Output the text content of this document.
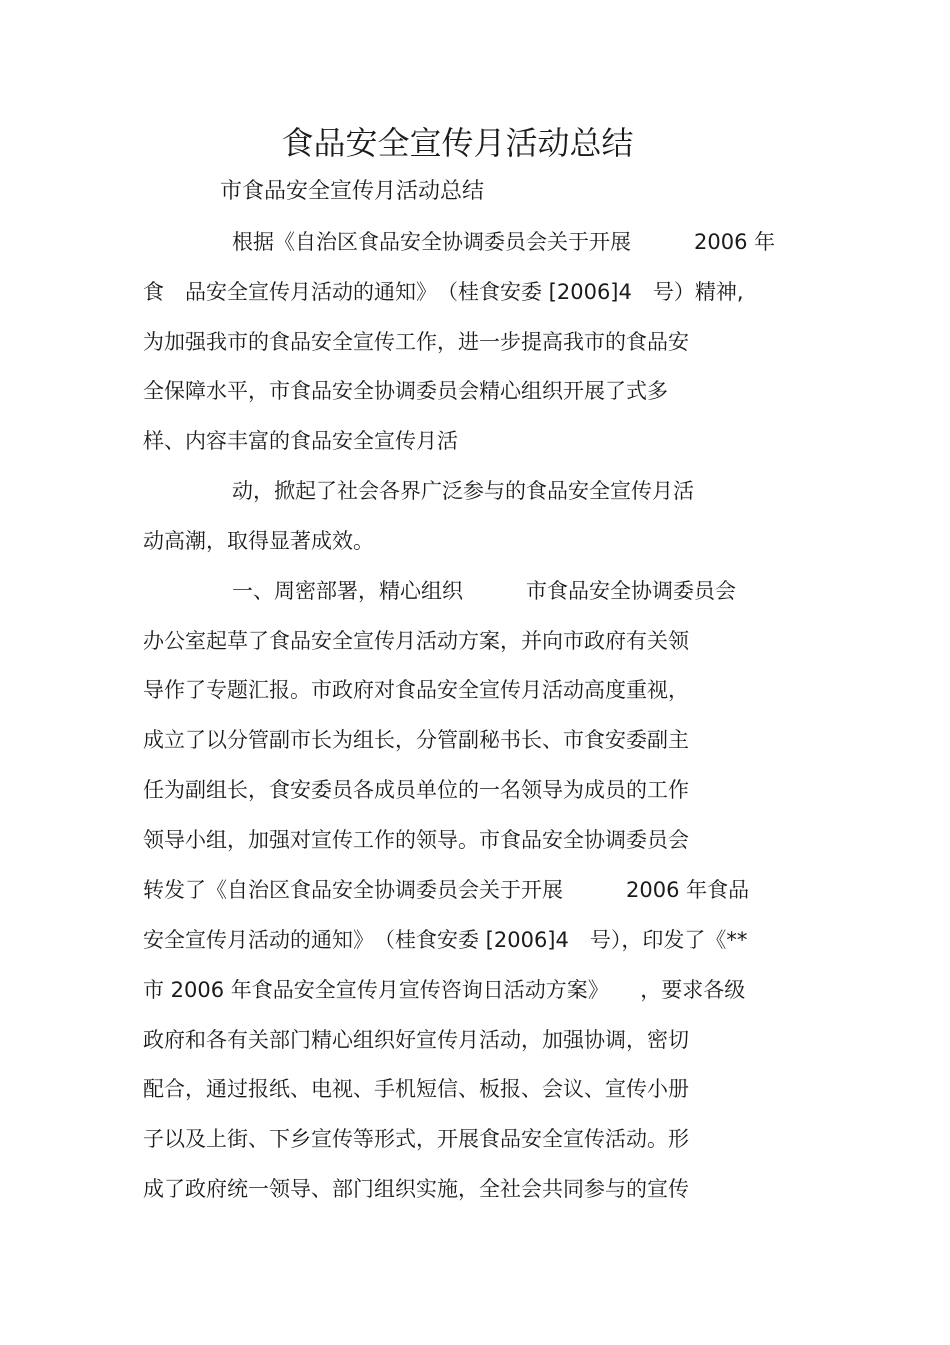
食品安全宣传月活动总结
市食品安全宣传月活动总结
根据《自治区食品安全协调委员会关于开展　　　2006 年
食　品安全宣传月活动的通知》　（桂食安委 [2006]4　号）精神,
为加强我市的食品安全宣传工作，进一步提高我市的食品安
全保障水平，市食品安全协调委员会精心组织开展了式多
样、内容丰富的食品安全宣传月活
动，掀起了社会各界广泛参与的食品安全宣传月活
动高潮，取得显著成效。
一、周密部署，精心组织　　　市食品安全协调委员会
办公室起草了食品安全宣传月活动方案，并向市政府有关领
导作了专题汇报。市政府对食品安全宣传月活动高度重视，
成立了以分管副市长为组长，分管副秘书长、市食安委副主
任为副组长，食安委员各成员单位的一名领导为成员的工作
领导小组，加强对宣传工作的领导。市食品安全协调委员会
转发了《自治区食品安全协调委员会关于开展　　　2006 年食品
安全宣传月活动的通知》　（桂食安委 [2006]4　号），印发了《**
市 2006 年食品安全宣传月宣传咨询日活动方案》　　，要求各级
政府和各有关部门精心组织好宣传月活动，加强协调，密切
配合，通过报纸、电视、手机短信、板报、会议、宣传小册
子以及上街、下乡宣传等形式，开展食品安全宣传活动。形
成了政府统一领导、部门组织实施，全社会共同参与的宣传
